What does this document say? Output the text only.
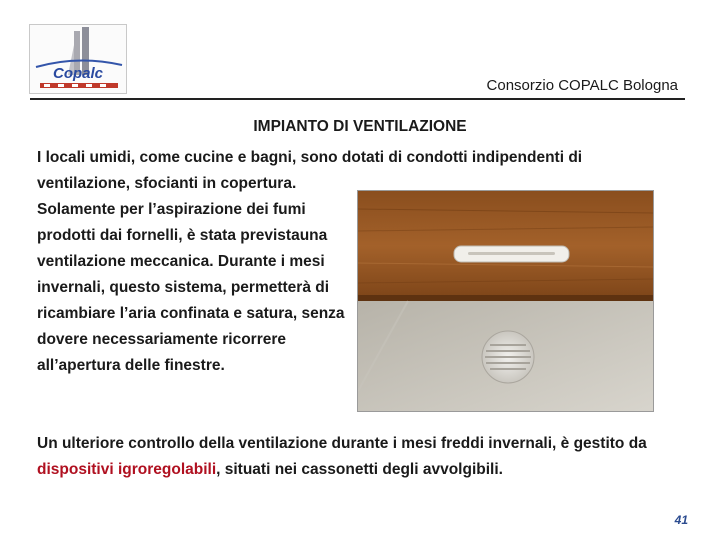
Copalc
Consorzio COPALC Bologna
IMPIANTO DI VENTILAZIONE

I locali umidi, come cucine e bagni, sono dotati di condotti indipendenti di ventilazione, sfocianti in copertura.

Solamente per l’aspirazione dei fumi prodotti dai fornelli, è stata previstauna ventilazione meccanica. Durante i mesi invernali, questo sistema, permetterà di ricambiare l’aria confinata e satura, senza dovere necessariamente ricorrere all’apertura delle finestre.

Un ulteriore controllo della ventilazione durante i mesi freddi invernali, è gestito da dispositivi igroregolabili, situati nei cassonetti degli avvolgibili.

41
